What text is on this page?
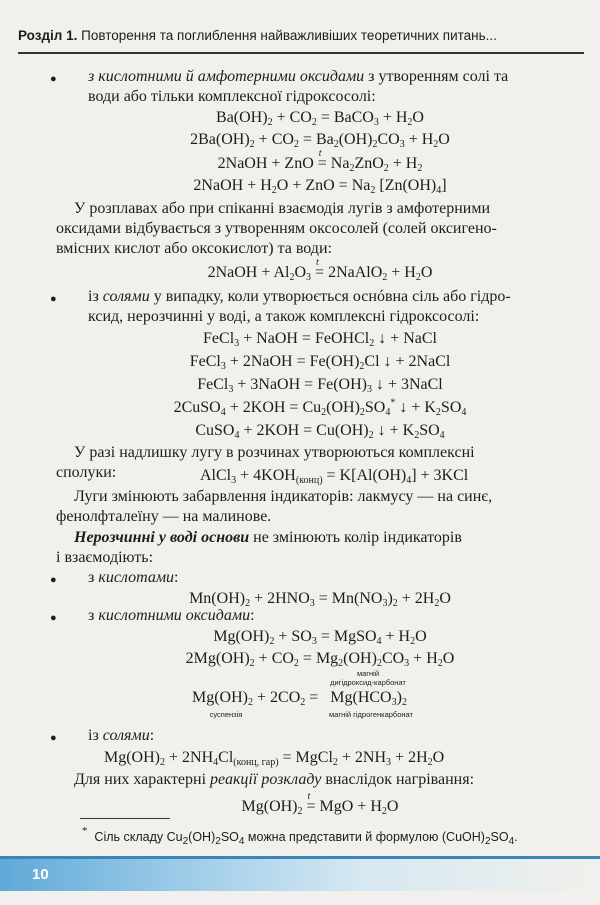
Розділ 1. Повторення та поглиблення найважливіших теоретичних питань...
● з кислотними й амфотерними оксидами з утворенням солі та
води або тільки комплексної гідроксосолі:
$Ba(OH)_2 + CO_2$ = BaCO$_3$ + $H_2O$
$2Ba(OH)_2 + CO_2 = Ba_2(OH)_2CO_3 + H_2O$
2NaOH + ZnO $t = Na_2ZnO_2 + H_2$
2NaOH + $H_2O$ + ZnO = $Na_2$ $[Zn(OH)_4]$
У розплавах або при спіканні взаємодія лугів з амфотерними
оксидами відбувається з утворенням оксосолей (солей оксигено-
вмісних кислот або оксокислот) та води:
2NaOH + $Al_2O_3$ t = 2NaAlO$_2$ + $H_2O$
● із солями у випадку, коли утворюється оснóвна сіль або гідро-
ксид, нерозчинні у воді, а також комплексні гідроксосолі:
FeCl$_3$ + NaOH = FeOHCl$_2$ ↓ + NaCl
FeCl$_3$ + 2NaOH = $Fe(OH)_2Cl$ ↓ + 2NaCl
FeCl$_3$ + 3NaOH = $Fe(OH)_3$ ↓ + 3NaCl
2CuSO$_4$ + $2KOH = Cu_2(OH)_2SO_4^*$ ↓ + $K_2SO_4$
CuSO$_4$ + $2KOH = Cu(OH)_2$ ↓ + $K_2SO_4$
У разі надлишку лугу в розчинах утворюються комплексні
сполуки:	AlCl$_3$ + $4KOH_{(конц)} = K[Al(OH)_4] + 3KCl$
Луги змінюють забарвлення індикаторів: лакмусу — на синє,
фенолфталеїну — на малинове.
Нерозчинні у воді основи не змінюють колір індикаторів
і взаємодіють:
● з кислотами:
$Mn(OH)_2 + 2HNO_3 = Mn(NO_3)_2 + 2H_2O$
● з кислотними оксидами:
$Mg(OH)_2 + SO_3$ = MgSO$_4$ + $H_2O$
$2Mg(OH)_2 + CO_2 = Mg_2(OH)_2CO_3 + H_2O$
магній
дигідроксид-карбонат
$Mg(OH)_2 + 2CO_2 = Mg(HCO_3)_2$
суспензія	магній гідрогенкарбонат
● із солями:
$Mg(OH)_2 + 2NH_4Cl_{(конц, гар)}$ = MgCl$_2$ + $2NH_3 + 2H_2O$
Для них характерні реакції розкладу внаслідок нагрівання:
$Mg(OH)_2$ t = MgO + $H_2O$
* Сіль складу $Cu_2(OH)_2SO_4$ можна представити й формулою $(CuOH)_2SO_4$.
10
